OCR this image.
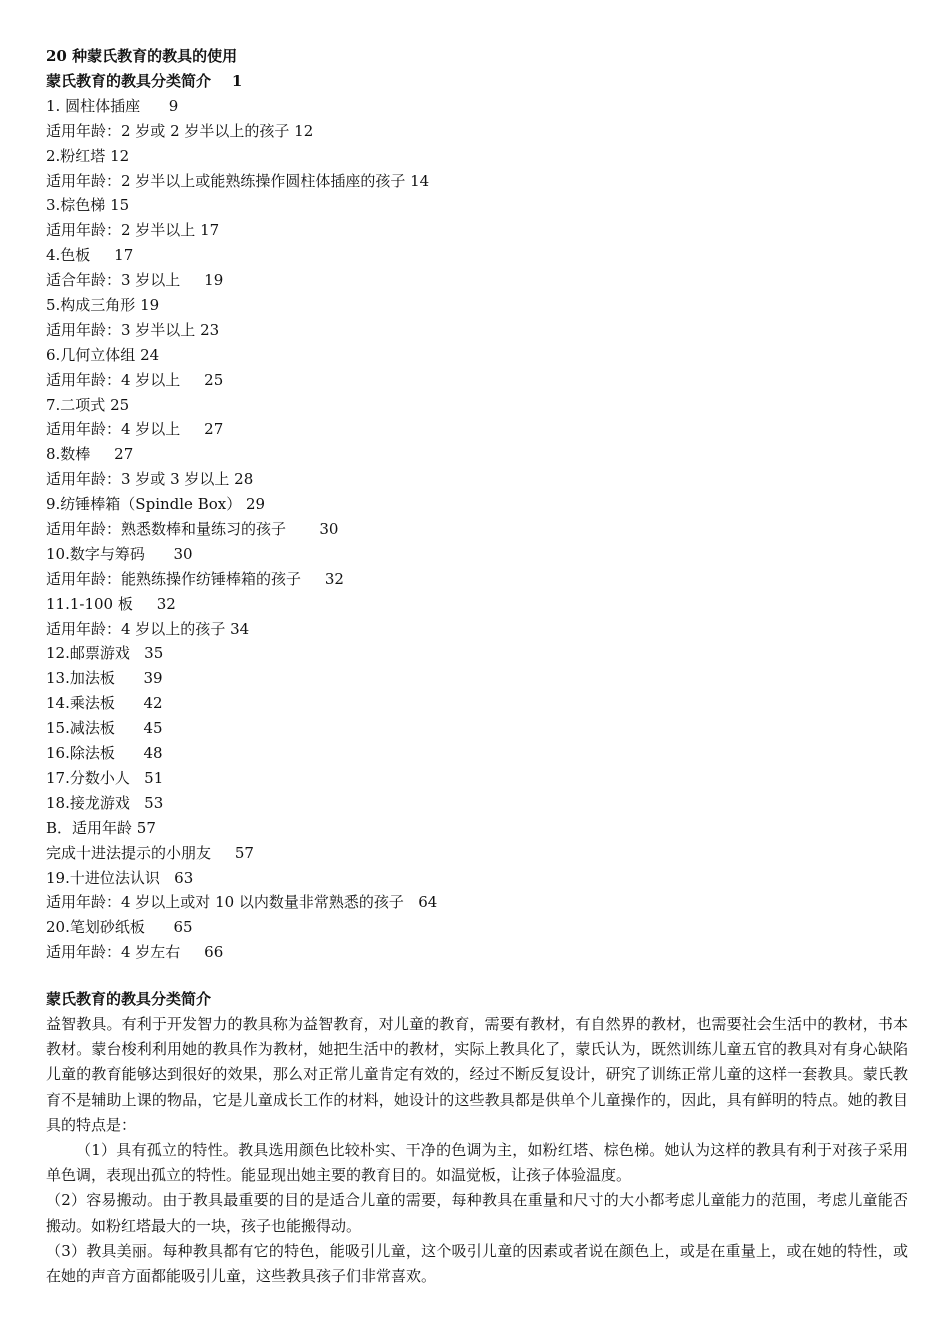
20 种蒙氏教育的教具的使用
蒙氏教育的教具分类简介    1
1. 圆柱体插座      9
适用年龄：2 岁或 2 岁半以上的孩子 12
2.粉红塔 12
适用年龄：2 岁半以上或能熟练操作圆柱体插座的孩子 14
3.棕色梯 15
适用年龄：2 岁半以上 17
4.色板     17
适合年龄：3 岁以上     19
5.构成三角形 19
适用年龄：3 岁半以上 23
6.几何立体组 24
适用年龄：4 岁以上     25
7.二项式 25
适用年龄：4 岁以上     27
8.数棒     27
适用年龄：3 岁或 3 岁以上 28
9.纺锤棒箱（Spindle Box） 29
适用年龄：熟悉数棒和量练习的孩子       30
10.数字与筹码      30
适用年龄：能熟练操作纺锤棒箱的孩子     32
11.1-100 板     32
适用年龄：4 岁以上的孩子 34
12.邮票游戏   35
13.加法板      39
14.乘法板      42
15.减法板      45
16.除法板      48
17.分数小人   51
18.接龙游戏   53
B．适用年龄 57
完成十进法提示的小朋友     57
19.十进位法认识   63
适用年龄：4 岁以上或对 10 以内数量非常熟悉的孩子   64
20.笔划砂纸板      65
适用年龄：4 岁左右     66
蒙氏教育的教具分类简介

益智教具。有利于开发智力的教具称为益智教育，对儿童的教育，需要有教材，有自然界的教材，也需要社会生活中的教材，书本教材。蒙台梭利利用她的教具作为教材，她把生活中的教材，实际上教具化了，蒙氏认为，既然训练儿童五官的教具对有身心缺陷儿童的教育能够达到很好的效果，那么对正常儿童肯定有效的，经过不断反复设计，研究了训练正常儿童的这样一套教具。蒙氏教育不是辅助上课的物品，它是儿童成长工作的材料，她设计的这些教具都是供单个儿童操作的，因此，具有鲜明的特点。她的教目具的特点是：

（1）具有孤立的特性。教具选用颜色比较朴实、干净的色调为主，如粉红塔、棕色梯。她认为这样的教具有利于对孩子采用单色调，表现出孤立的特性。能显现出她主要的教育目的。如温觉板，让孩子体验温度。

（2）容易搬动。由于教具最重要的目的是适合儿童的需要，每种教具在重量和尺寸的大小都考虑儿童能力的范围，考虑儿童能否搬动。如粉红塔最大的一块，孩子也能搬得动。

（3）教具美丽。每种教具都有它的特色，能吸引儿童，这个吸引儿童的因素或者说在颜色上，或是在重量上，或在她的特性，或在她的声音方面都能吸引儿童，这些教具孩子们非常喜欢。
